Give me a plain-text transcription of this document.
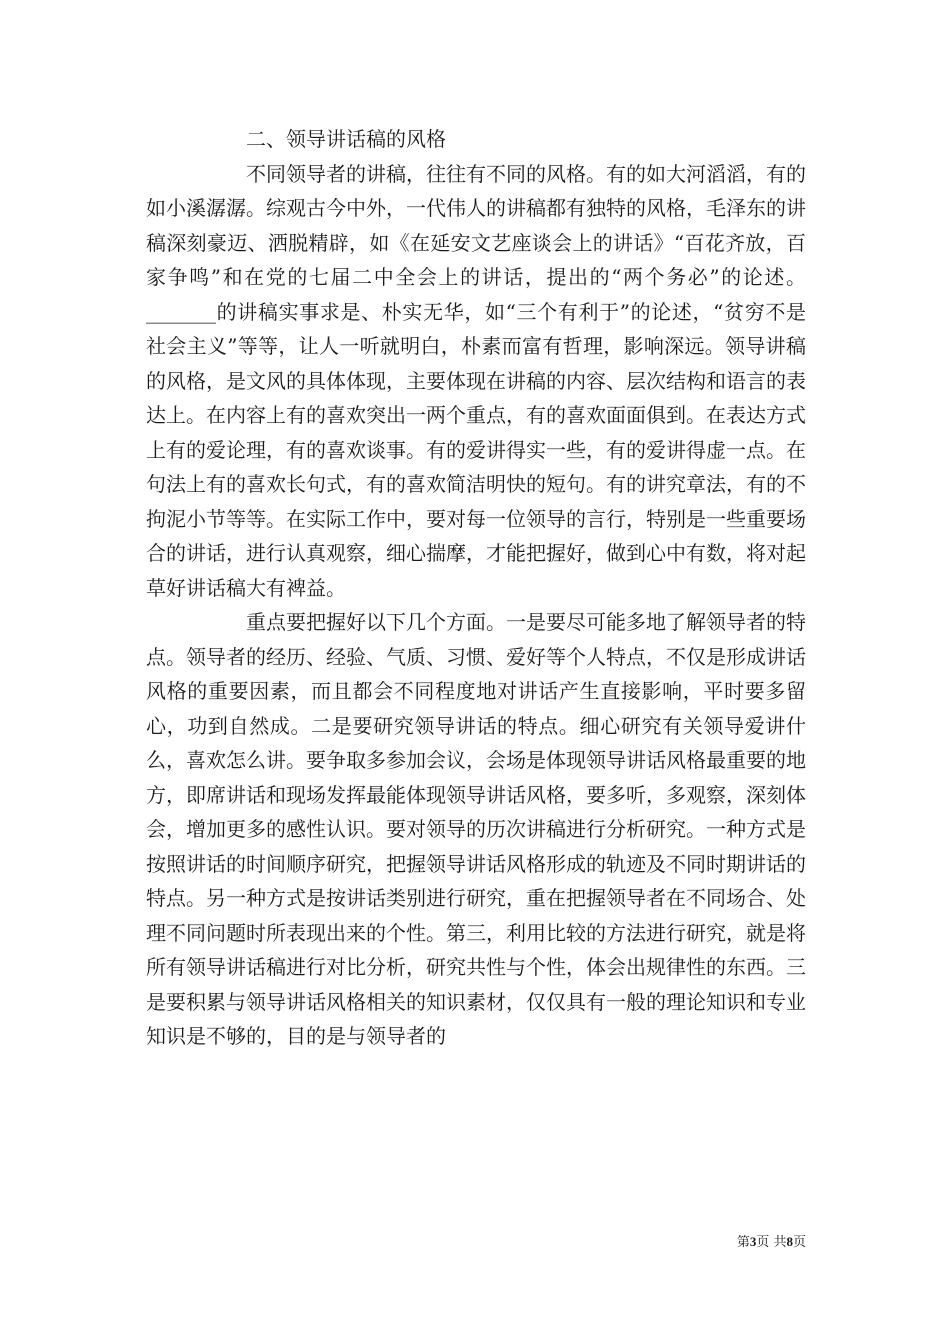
二、领导讲话稿的风格

不同领导者的讲稿，往往有不同的风格。有的如大河滔滔，有的如小溪潺潺。综观古今中外，一代伟人的讲稿都有独特的风格，毛泽东的讲稿深刻豪迈、洒脱精辟，如《在延安文艺座谈会上的讲话》“百花齐放，百家争鸣”和在党的七届二中全会上的讲话，提出的“两个务必”的论述。_______的讲稿实事求是、朴实无华，如“三个有利于”的论述，“贫穷不是社会主义”等等，让人一听就明白，朴素而富有哲理，影响深远。领导讲稿的风格，是文风的具体体现，主要体现在讲稿的内容、层次结构和语言的表达上。在内容上有的喜欢突出一两个重点，有的喜欢面面俱到。在表达方式上有的爱论理，有的喜欢谈事。有的爱讲得实一些，有的爱讲得虚一点。在句法上有的喜欢长句式，有的喜欢简洁明快的短句。有的讲究章法，有的不拘泥小节等等。在实际工作中，要对每一位领导的言行，特别是一些重要场合的讲话，进行认真观察，细心揣摩，才能把握好，做到心中有数，将对起草好讲话稿大有裨益。

重点要把握好以下几个方面。一是要尽可能多地了解领导者的特点。领导者的经历、经验、气质、习惯、爱好等个人特点，不仅是形成讲话风格的重要因素，而且都会不同程度地对讲话产生直接影响，平时要多留心，功到自然成。二是要研究领导讲话的特点。细心研究有关领导爱讲什么，喜欢怎么讲。要争取多参加会议，会场是体现领导讲话风格最重要的地方，即席讲话和现场发挥最能体现领导讲话风格，要多听，多观察，深刻体会，增加更多的感性认识。要对领导的历次讲稿进行分析研究。一种方式是按照讲话的时间顺序研究，把握领导讲话风格形成的轨迹及不同时期讲话的特点。另一种方式是按讲话类别进行研究，重在把握领导者在不同场合、处理不同问题时所表现出来的个性。第三，利用比较的方法进行研究，就是将所有领导讲话稿进行对比分析，研究共性与个性，体会出规律性的东西。三是要积累与领导讲话风格相关的知识素材，仅仅具有一般的理论知识和专业知识是不够的，目的是与领导者的

第3页 共8页
